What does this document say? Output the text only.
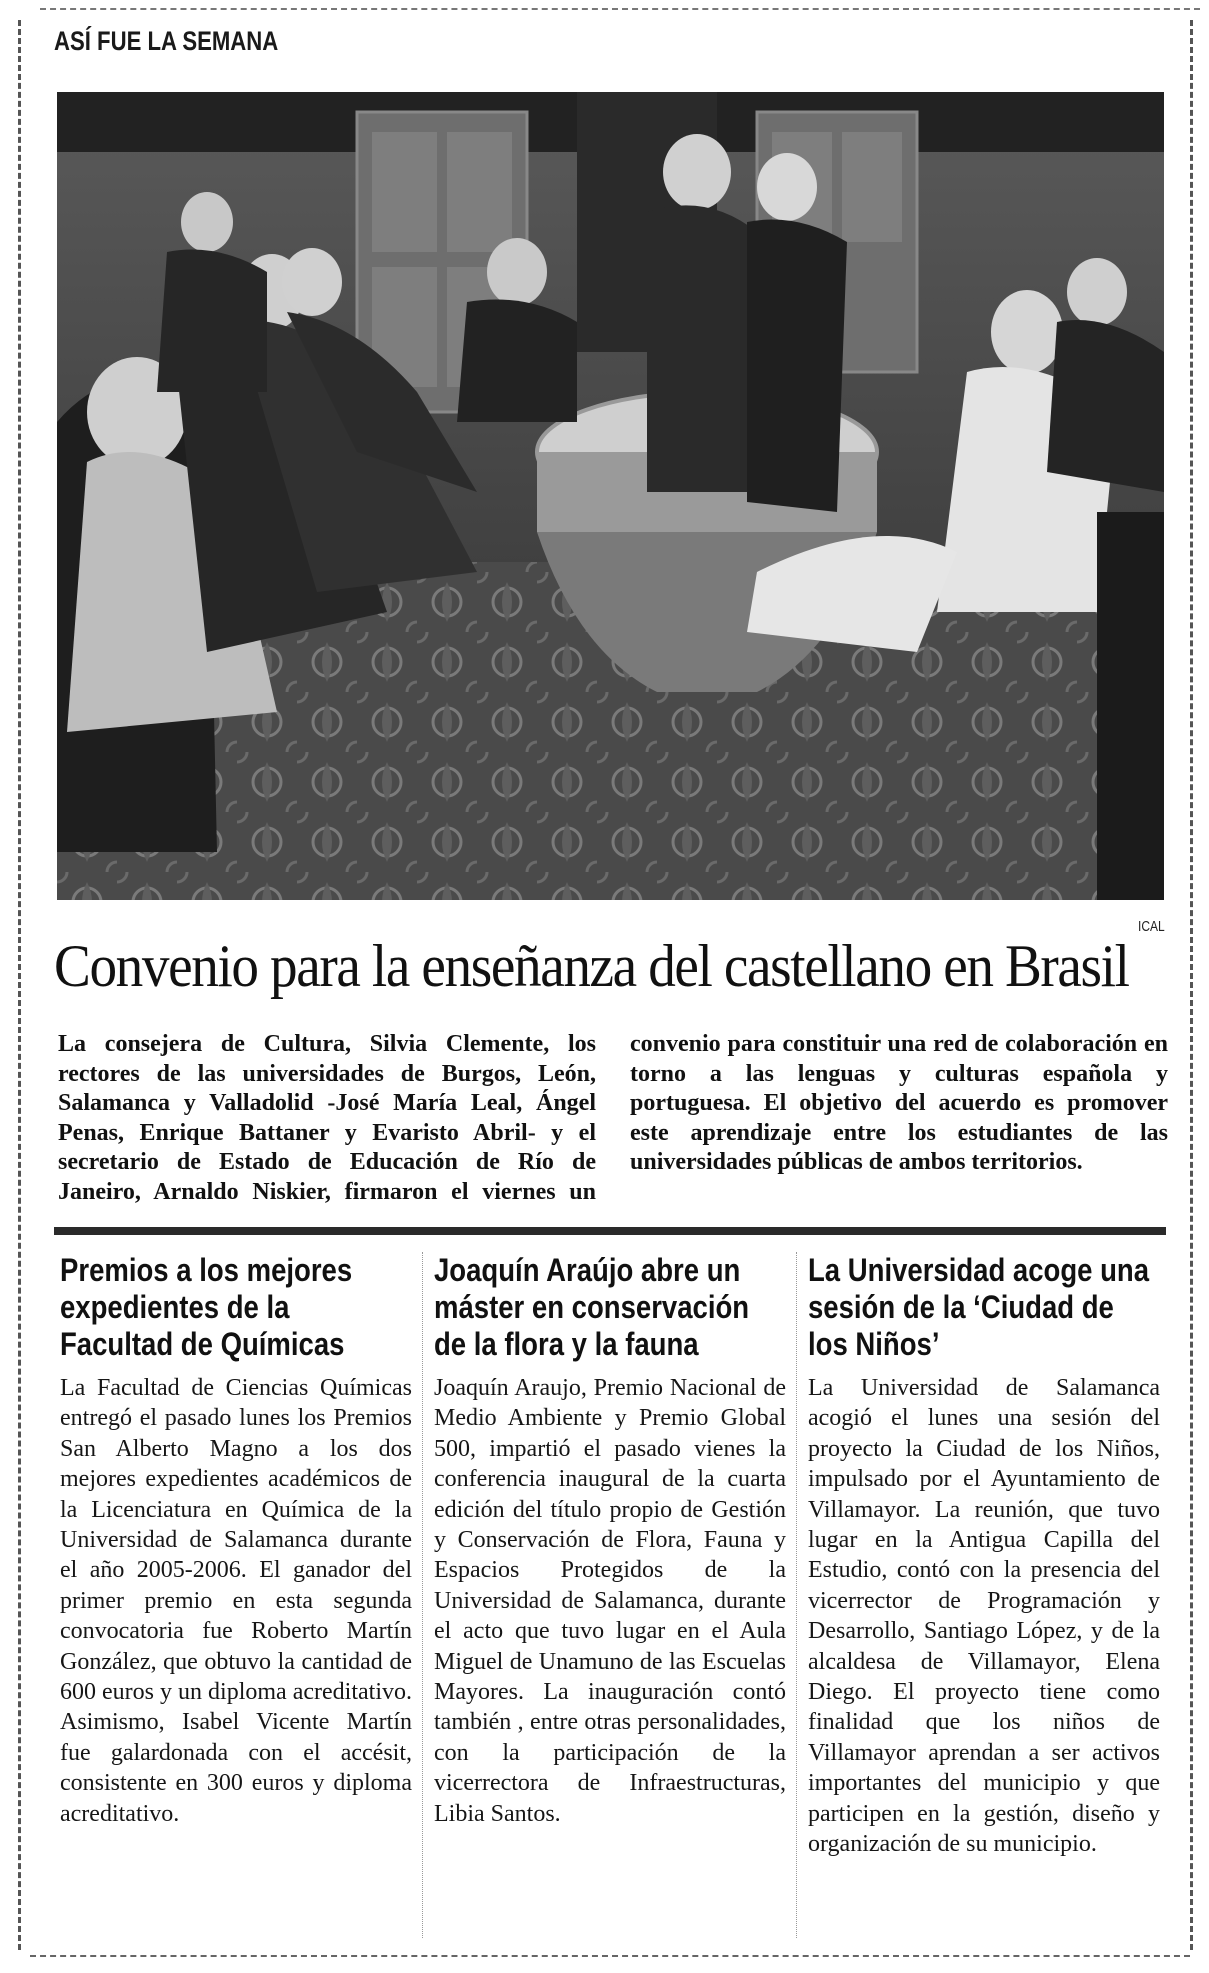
ASÍ FUE LA SEMANA
ICAL
Convenio para la enseñanza del castellano en Brasil

La consejera de Cultura, Silvia Clemente, los rectores de las universidades de Burgos, León, Salamanca y Valladolid -José María Leal, Ángel Penas, Enrique Battaner y Evaristo Abril- y el secretario de Estado de Educación de Río de Janeiro, Arnaldo Niskier, firmaron el viernes un convenio para constituir una red de colaboración en torno a las lenguas y culturas española y portuguesa. El objetivo del acuerdo es promover este aprendizaje entre los estudiantes de las universidades públicas de ambos territorios.

Premios a los mejores expedientes de la Facultad de Químicas

La Facultad de Ciencias Químicas entregó el pasado lunes los Premios San Alberto Magno a los dos mejores expedientes académicos de la Licenciatura en Química de la Universidad de Salamanca durante el año 2005-2006. El ganador del primer premio en esta segunda convocatoria fue Roberto Martín González, que obtuvo la cantidad de 600 euros y un diploma acreditativo. Asimismo, Isabel Vicente Martín fue galardonada con el accésit, consistente en 300 euros y diploma acreditativo.

Joaquín Araújo abre un máster en conservación de la flora y la fauna

Joaquín Araujo, Premio Nacional de Medio Ambiente y Premio Global 500, impartió el pasado vienes la conferencia inaugural de la cuarta edición del título propio de Gestión y Conservación de Flora, Fauna y Espacios Protegidos de la Universidad de Salamanca, durante el acto que tuvo lugar en el Aula Miguel de Unamuno de las Escuelas Mayores. La inauguración contó también , entre otras personalidades, con la participación de la vicerrectora de Infraestructuras, Libia Santos.

La Universidad acoge una sesión de la ‘Ciudad de los Niños’

La Universidad de Salamanca acogió el lunes una sesión del proyecto la Ciudad de los Niños, impulsado por el Ayuntamiento de Villamayor. La reunión, que tuvo lugar en la Antigua Capilla del Estudio, contó con la presencia del vicerrector de Programación y Desarrollo, Santiago López, y de la alcaldesa de Villamayor, Elena Diego. El proyecto tiene como finalidad que los niños de Villamayor aprendan a ser activos importantes del municipio y que participen en la gestión, diseño y organización de su municipio.
